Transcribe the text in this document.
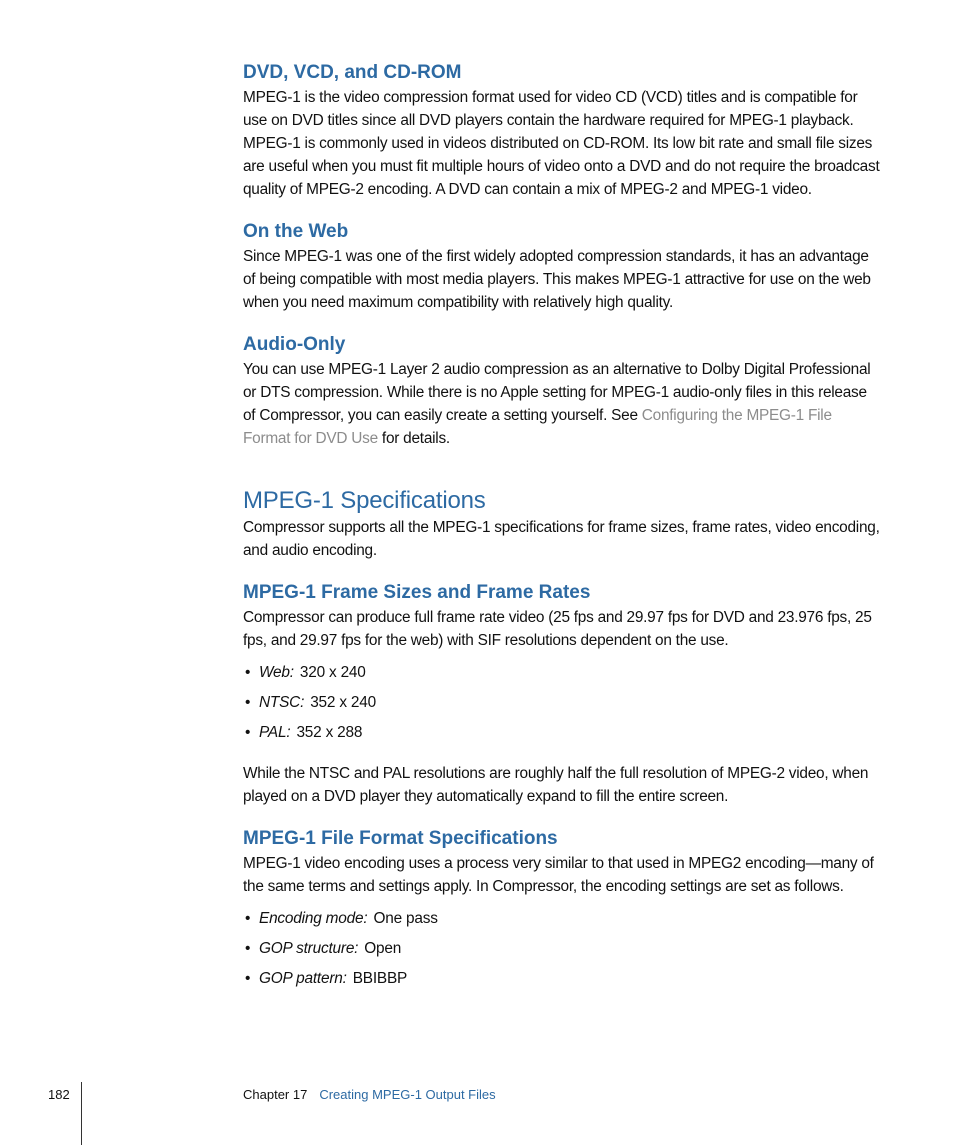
DVD, VCD, and CD-ROM

MPEG-1 is the video compression format used for video CD (VCD) titles and is compatible for use on DVD titles since all DVD players contain the hardware required for MPEG-1 playback. MPEG-1 is commonly used in videos distributed on CD-ROM. Its low bit rate and small file sizes are useful when you must fit multiple hours of video onto a DVD and do not require the broadcast quality of MPEG-2 encoding. A DVD can contain a mix of MPEG-2 and MPEG-1 video.

On the Web

Since MPEG-1 was one of the first widely adopted compression standards, it has an advantage of being compatible with most media players. This makes MPEG-1 attractive for use on the web when you need maximum compatibility with relatively high quality.

Audio-Only

You can use MPEG-1 Layer 2 audio compression as an alternative to Dolby Digital Professional or DTS compression. While there is no Apple setting for MPEG-1 audio-only files in this release of Compressor, you can easily create a setting yourself. See Configuring the MPEG-1 File Format for DVD Use for details.

MPEG-1 Specifications

Compressor supports all the MPEG-1 specifications for frame sizes, frame rates, video encoding, and audio encoding.

MPEG-1 Frame Sizes and Frame Rates

Compressor can produce full frame rate video (25 fps and 29.97 fps for DVD and 23.976 fps, 25 fps, and 29.97 fps for the web) with SIF resolutions dependent on the use.

• Web: 320 x 240
• NTSC: 352 x 240
• PAL: 352 x 288

While the NTSC and PAL resolutions are roughly half the full resolution of MPEG-2 video, when played on a DVD player they automatically expand to fill the entire screen.

MPEG-1 File Format Specifications

MPEG-1 video encoding uses a process very similar to that used in MPEG2 encoding—many of the same terms and settings apply. In Compressor, the encoding settings are set as follows.

• Encoding mode: One pass
• GOP structure: Open
• GOP pattern: BBIBBP
182	Chapter 17 Creating MPEG-1 Output Files
